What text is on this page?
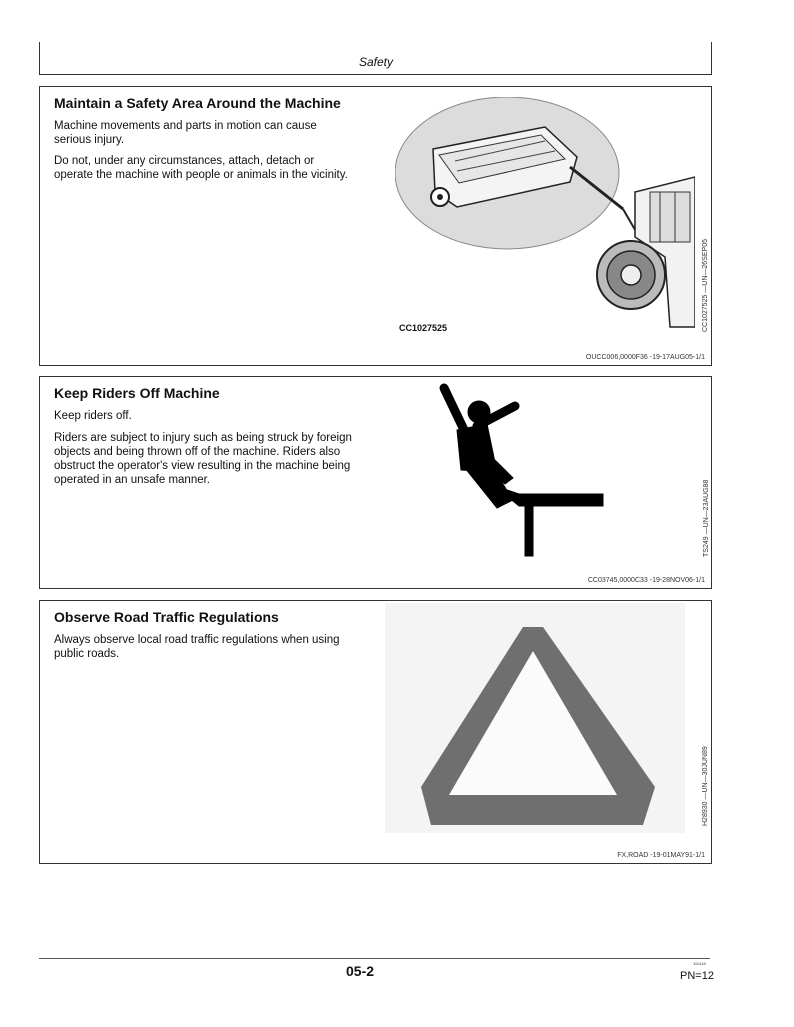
Safety
Maintain a Safety Area Around the Machine
Machine movements and parts in motion can cause
serious injury.
Do not, under any circumstances, attach, detach or
operate the machine with people or animals in the vicinity.
CC1027525	CC1027525 —UN—26SEP05
OUCC006,0000F36 -19-17AUG05-1/1
Keep Riders Off Machine
Keep riders off.
Riders are subject to injury such as being struck by foreign
objects and being thrown off of the machine. Riders also
obstruct the operator's view resulting in the machine being
operated in an unsafe manner.	TS249 —UN—23AUG88
CC03745,0000C33 -19-28NOV06-1/1
Observe Road Traffic Regulations
Always observe local road traffic regulations when using
public roads.
H28930 —UN—30JUN89
FX,ROAD -19-01MAY91-1/1
05-2	110116
PN=12
